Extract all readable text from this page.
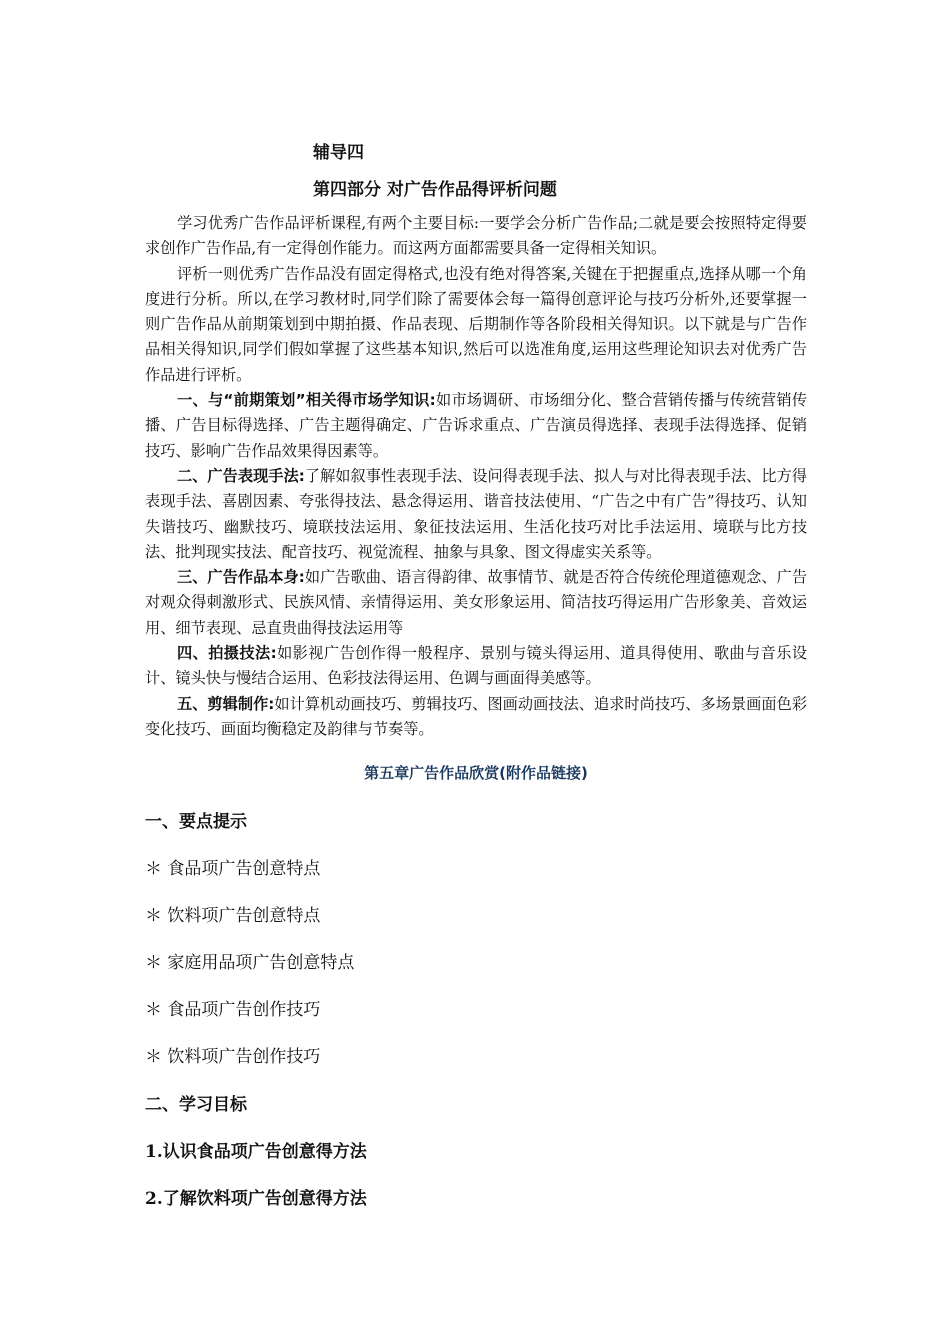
辅导四
第四部分 对广告作品得评析问题

学习优秀广告作品评析课程,有两个主要目标:一要学会分析广告作品;二就是要会按照特定得要求创作广告作品,有一定得创作能力。而这两方面都需要具备一定得相关知识。

评析一则优秀广告作品没有固定得格式,也没有绝对得答案,关键在于把握重点,选择从哪一个角度进行分析。所以,在学习教材时,同学们除了需要体会每一篇得创意评论与技巧分析外,还要掌握一则广告作品从前期策划到中期拍摄、作品表现、后期制作等各阶段相关得知识。以下就是与广告作品相关得知识,同学们假如掌握了这些基本知识,然后可以选准角度,运用这些理论知识去对优秀广告作品进行评析。

一、与“前期策划”相关得市场学知识:如市场调研、市场细分化、整合营销传播与传统营销传播、广告目标得选择、广告主题得确定、广告诉求重点、广告演员得选择、表现手法得选择、促销技巧、影响广告作品效果得因素等。

二、广告表现手法:了解如叙事性表现手法、设问得表现手法、拟人与对比得表现手法、比方得表现手法、喜剧因素、夸张得技法、悬念得运用、谐音技法使用、“广告之中有广告”得技巧、认知失谐技巧、幽默技巧、境联技法运用、象征技法运用、生活化技巧对比手法运用、境联与比方技法、批判现实技法、配音技巧、视觉流程、抽象与具象、图文得虚实关系等。

三、广告作品本身:如广告歌曲、语言得韵律、故事情节、就是否符合传统伦理道德观念、广告对观众得刺激形式、民族风情、亲情得运用、美女形象运用、简洁技巧得运用广告形象美、音效运用、细节表现、忌直贵曲得技法运用等

四、拍摄技法:如影视广告创作得一般程序、景别与镜头得运用、道具得使用、歌曲与音乐设计、镜头快与慢结合运用、色彩技法得运用、色调与画面得美感等。

五、剪辑制作:如计算机动画技巧、剪辑技巧、图画动画技法、追求时尚技巧、多场景画面色彩变化技巧、画面均衡稳定及韵律与节奏等。

第五章广告作品欣赏(附作品链接)
一、要点提示
＊ 食品项广告创意特点
＊ 饮料项广告创意特点
＊ 家庭用品项广告创意特点
＊ 食品项广告创作技巧
＊ 饮料项广告创作技巧
二、学习目标
1.认识食品项广告创意得方法
2.了解饮料项广告创意得方法
